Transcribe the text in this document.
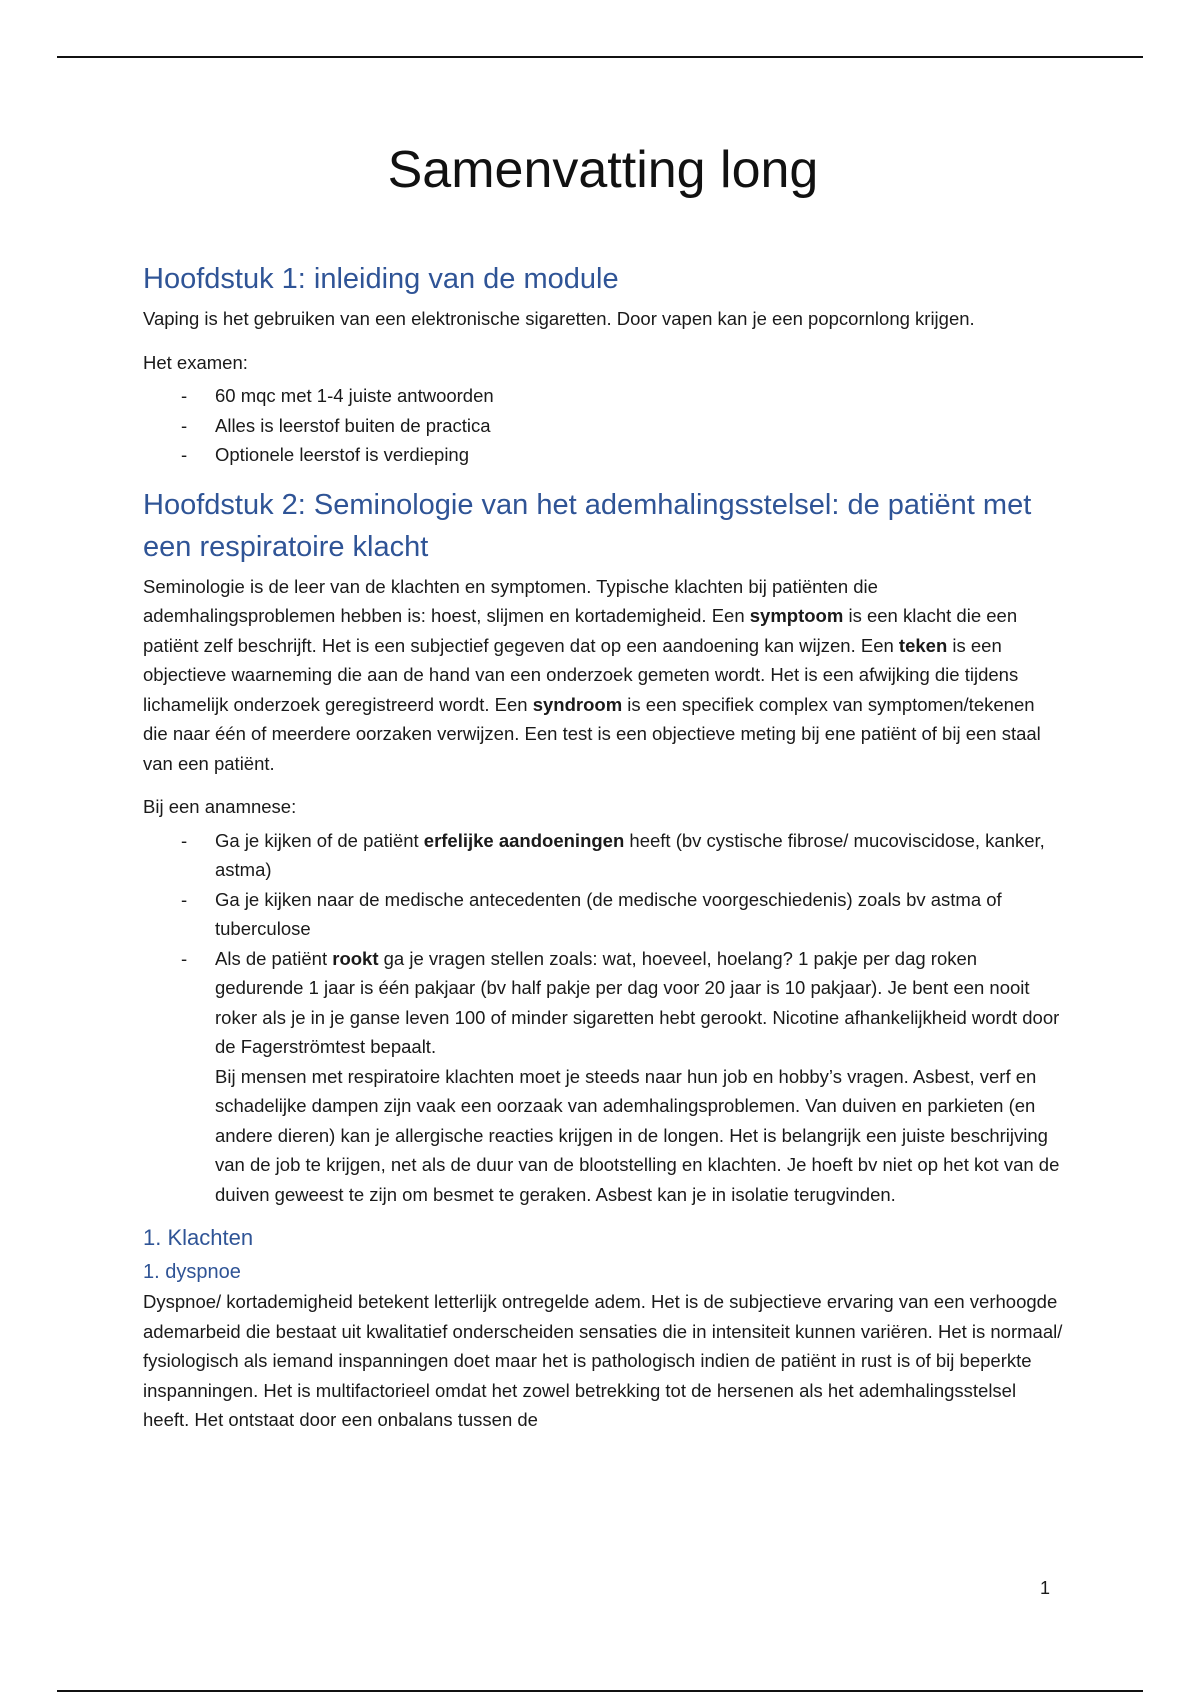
Samenvatting long
Hoofdstuk 1: inleiding van de module

Vaping is het gebruiken van een elektronische sigaretten. Door vapen kan je een popcornlong krijgen.

Het examen:

- 60 mqc met 1-4 juiste antwoorden
- Alles is leerstof buiten de practica
- Optionele leerstof is verdieping
Hoofdstuk 2: Seminologie van het ademhalingsstelsel: de patiënt met een respiratoire klacht

Seminologie is de leer van de klachten en symptomen. Typische klachten bij patiënten die ademhalingsproblemen hebben is: hoest, slijmen en kortademigheid. Een symptoom is een klacht die een patiënt zelf beschrijft. Het is een subjectief gegeven dat op een aandoening kan wijzen. Een teken is een objectieve waarneming die aan de hand van een onderzoek gemeten wordt. Het is een afwijking die tijdens lichamelijk onderzoek geregistreerd wordt. Een syndroom is een specifiek complex van symptomen/tekenen die naar één of meerdere oorzaken verwijzen. Een test is een objectieve meting bij ene patiënt of bij een staal van een patiënt.

Bij een anamnese:

- Ga je kijken of de patiënt erfelijke aandoeningen heeft (bv cystische fibrose/ mucoviscidose, kanker, astma)
- Ga je kijken naar de medische antecedenten (de medische voorgeschiedenis) zoals bv astma of tuberculose
- Als de patiënt rookt ga je vragen stellen zoals: wat, hoeveel, hoelang? 1 pakje per dag roken gedurende 1 jaar is één pakjaar (bv half pakje per dag voor 20 jaar is 10 pakjaar). Je bent een nooit roker als je in je ganse leven 100 of minder sigaretten hebt gerookt. Nicotine afhankelijkheid wordt door de Fagerströmtest bepaalt.
Bij mensen met respiratoire klachten moet je steeds naar hun job en hobby’s vragen. Asbest, verf en schadelijke dampen zijn vaak een oorzaak van ademhalingsproblemen. Van duiven en parkieten (en andere dieren) kan je allergische reacties krijgen in de longen. Het is belangrijk een juiste beschrijving van de job te krijgen, net als de duur van de blootstelling en klachten. Je hoeft bv niet op het kot van de duiven geweest te zijn om besmet te geraken. Asbest kan je in isolatie terugvinden.
1. Klachten
1. dyspnoe

Dyspnoe/ kortademigheid betekent letterlijk ontregelde adem. Het is de subjectieve ervaring van een verhoogde ademarbeid die bestaat uit kwalitatief onderscheiden sensaties die in intensiteit kunnen variëren. Het is normaal/ fysiologisch als iemand inspanningen doet maar het is pathologisch indien de patiënt in rust is of bij beperkte inspanningen. Het is multifactorieel omdat het zowel betrekking tot de hersenen als het ademhalingsstelsel heeft. Het ontstaat door een onbalans tussen de

1
